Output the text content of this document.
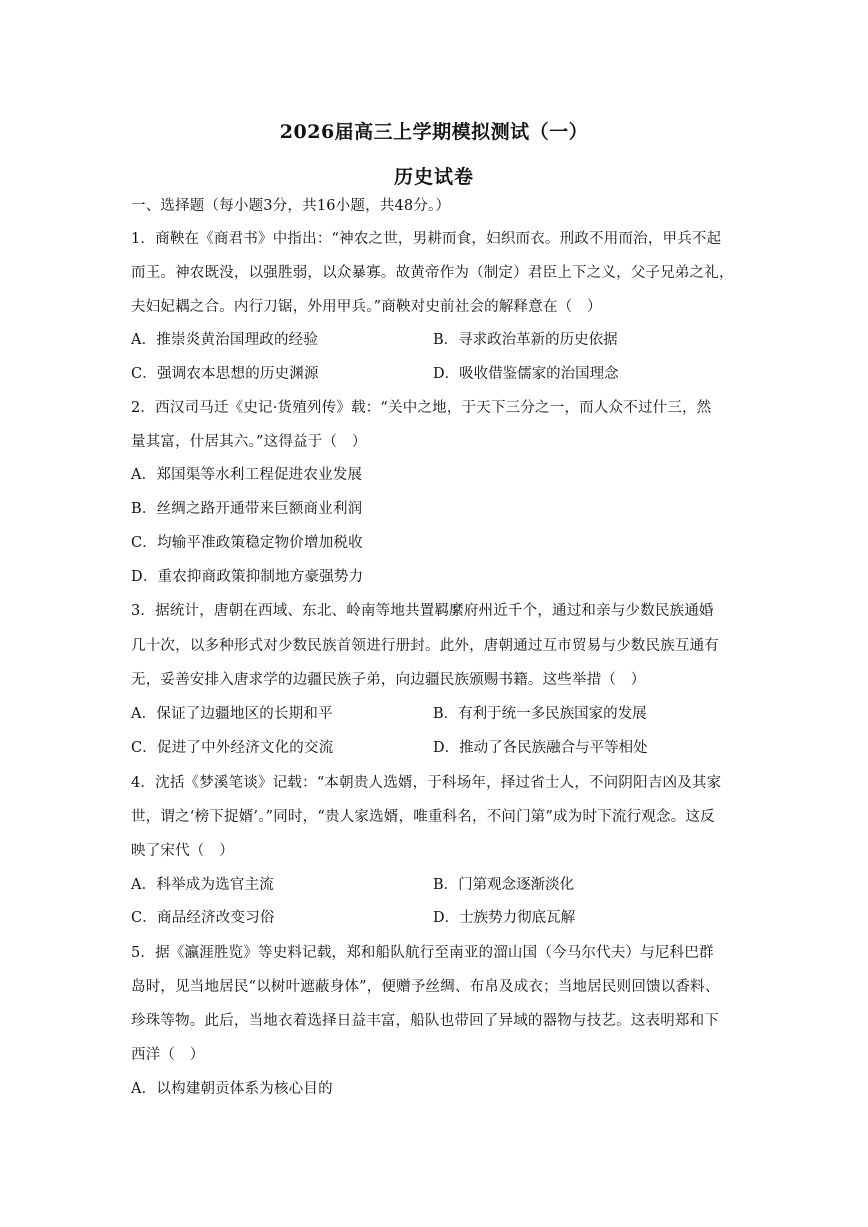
2026届高三上学期模拟测试（一）
历史试卷
一、选择题（每小题3分，共16小题，共48分。）
1．商鞅在《商君书》中指出：“神农之世，男耕而食，妇织而衣。刑政不用而治，甲兵不起
而王。神农既没，以强胜弱，以众暴寡。故黄帝作为（制定）君臣上下之义，父子兄弟之礼，
夫妇妃耦之合。内行刀锯，外用甲兵。”商鞅对史前社会的解释意在（　）
A．推崇炎黄治国理政的经验	B．寻求政治革新的历史依据
C．强调农本思想的历史渊源	D．吸收借鉴儒家的治国理念
2．西汉司马迁《史记·货殖列传》载：“关中之地，于天下三分之一，而人众不过什三，然
量其富，什居其六。”这得益于（　）
A．郑国渠等水利工程促进农业发展
B．丝绸之路开通带来巨额商业利润
C．均输平准政策稳定物价增加税收
D．重农抑商政策抑制地方豪强势力
3．据统计，唐朝在西域、东北、岭南等地共置羁縻府州近千个，通过和亲与少数民族通婚
几十次，以多种形式对少数民族首领进行册封。此外，唐朝通过互市贸易与少数民族互通有
无，妥善安排入唐求学的边疆民族子弟，向边疆民族颁赐书籍。这些举措（　）
A．保证了边疆地区的长期和平	B．有利于统一多民族国家的发展
C．促进了中外经济文化的交流	D．推动了各民族融合与平等相处
4．沈括《梦溪笔谈》记载：“本朝贵人选婿，于科场年，择过省士人，不问阴阳吉凶及其家
世，谓之‘榜下捉婿’。”同时，“贵人家选婿，唯重科名，不问门第”成为时下流行观念。这反
映了宋代（　）
A．科举成为选官主流	B．门第观念逐渐淡化
C．商品经济改变习俗	D．士族势力彻底瓦解
5．据《瀛涯胜览》等史料记载，郑和船队航行至南亚的溜山国（今马尔代夫）与尼科巴群
岛时，见当地居民“以树叶遮蔽身体”，便赠予丝绸、布帛及成衣；当地居民则回馈以香料、
珍珠等物。此后，当地衣着选择日益丰富，船队也带回了异域的器物与技艺。这表明郑和下
西洋（　）
A．以构建朝贡体系为核心目的
